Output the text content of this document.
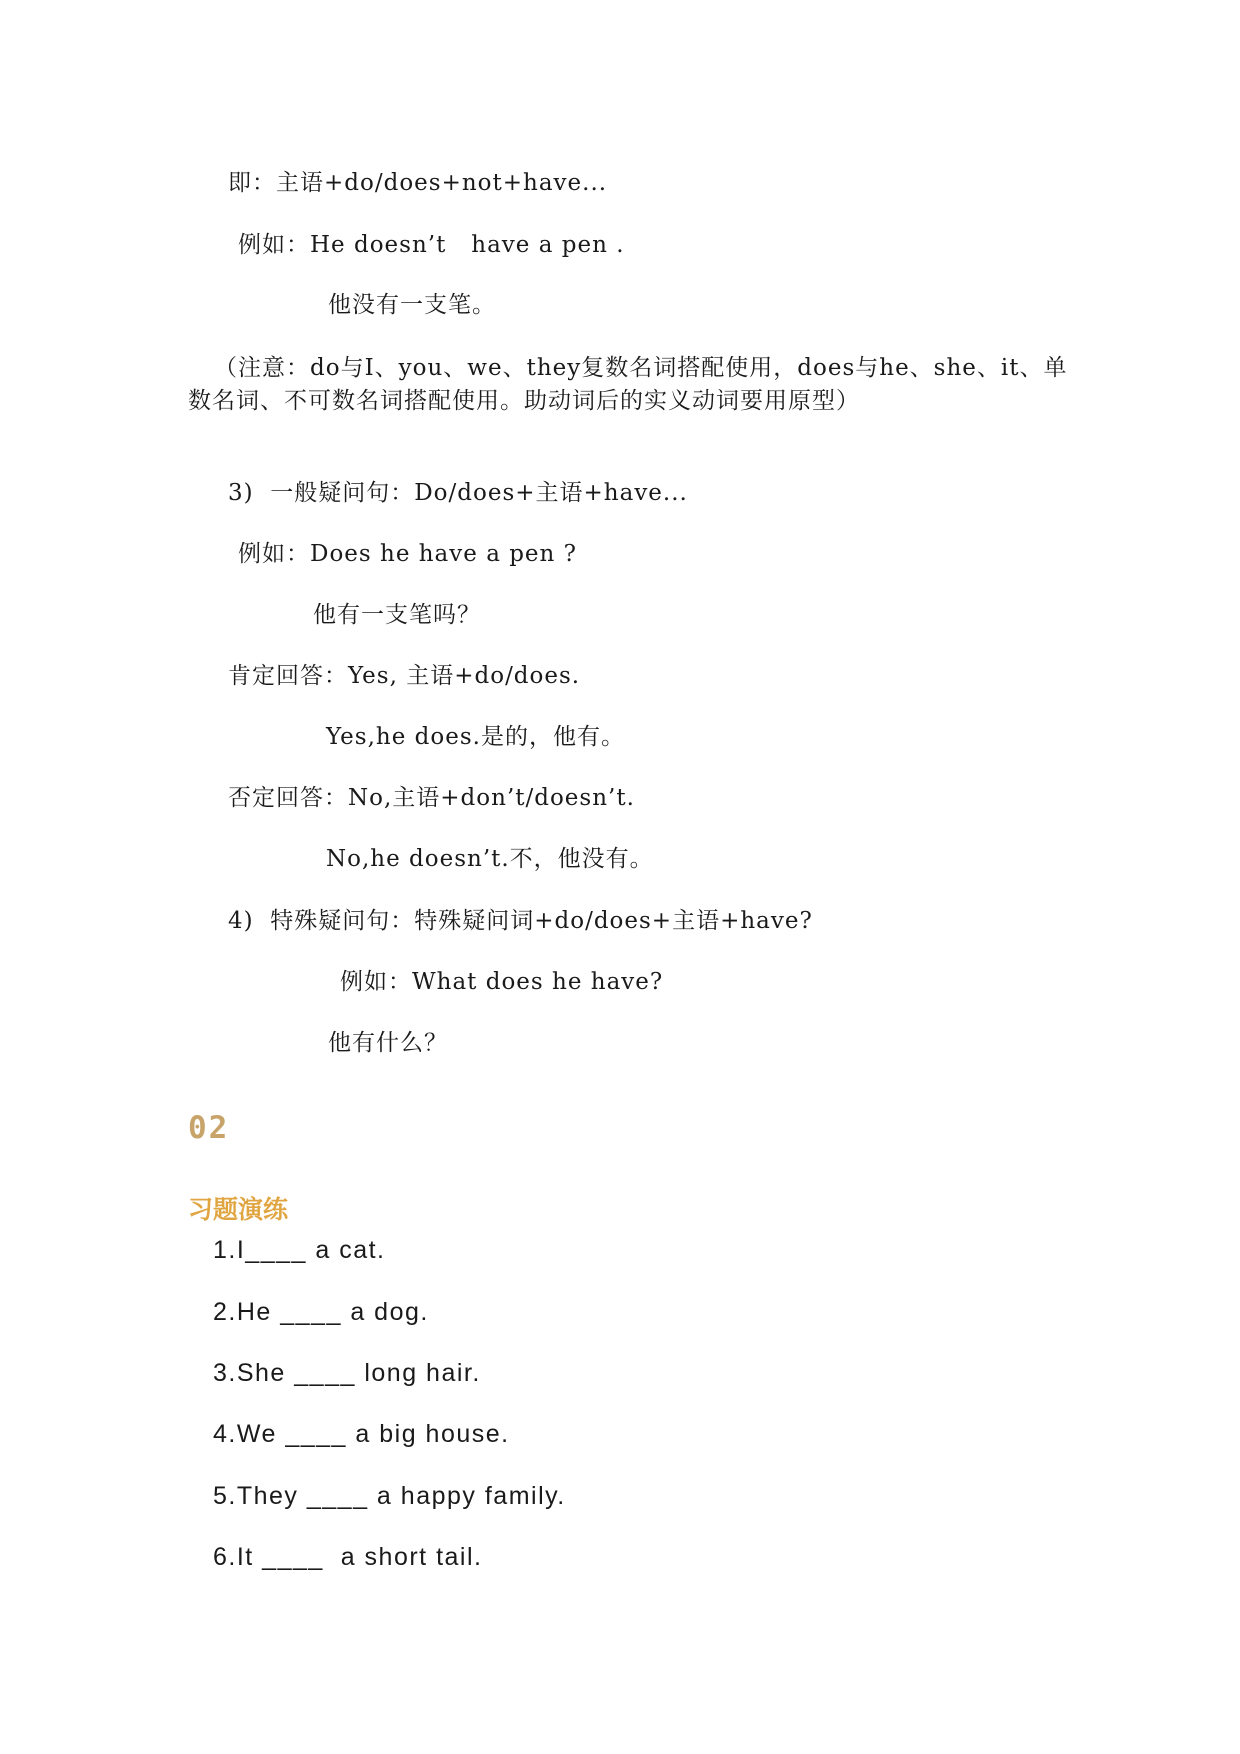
即：主语+do/does+not+have...
例如：He doesn’t   have a pen .
他没有一支笔。
（注意：do与I、you、we、they复数名词搭配使用，does与he、she、it、单数名词、不可数名词搭配使用。助动词后的实义动词要用原型）
3)  一般疑问句：Do/does+主语+have...
例如：Does he have a pen ?
他有一支笔吗？
肯定回答：Yes, 主语+do/does.
Yes,he does.是的，他有。
否定回答：No,主语+don’t/doesn’t.
No,he doesn’t.不，他没有。
4)  特殊疑问句：特殊疑问词+do/does+主语+have?
例如：What does he have?
他有什么？
02
习题演练
1.I____ a cat.
2.He ____ a dog.
3.She ____ long hair.
4.We ____ a big house.
5.They ____ a happy family.
6.It ____  a short tail.
